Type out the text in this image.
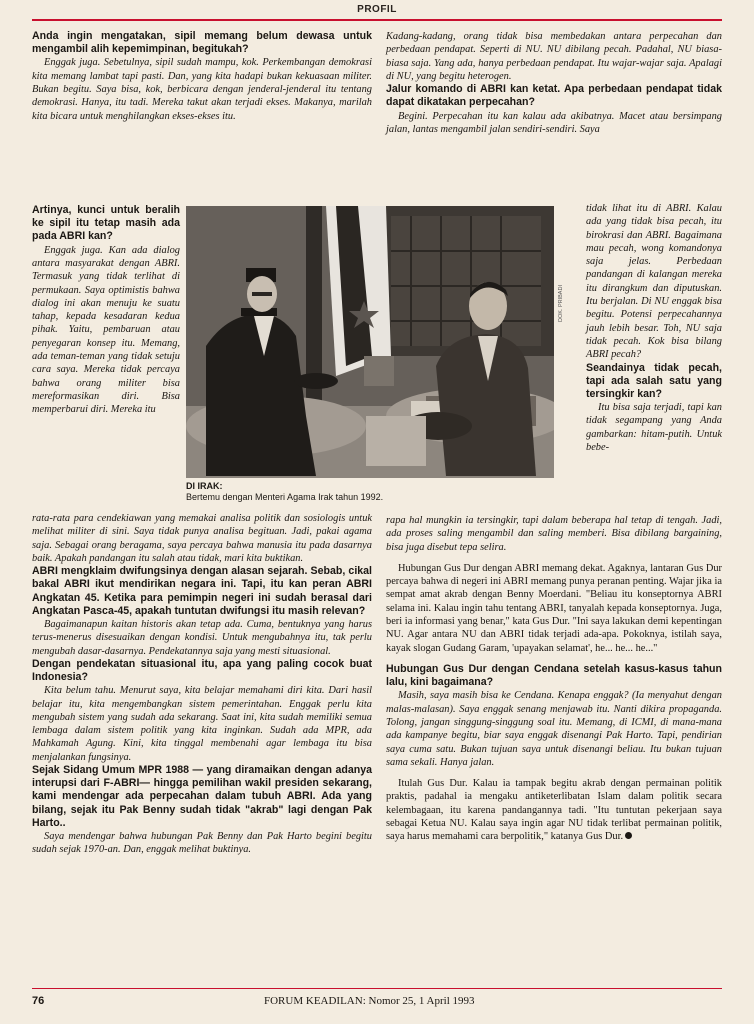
PROFIL

Anda ingin mengatakan, sipil memang belum dewasa untuk mengambil alih kepemimpinan, begitukah?

Enggak juga. Sebetulnya, sipil sudah mampu, kok. Perkembangan demokrasi kita memang lambat tapi pasti. Dan, yang kita hadapi bukan kekuasaan militer. Bukan begitu. Saya bisa, kok, berbicara dengan jenderal-jenderal itu tentang demokrasi. Hanya, itu tadi. Mereka takut akan terjadi ekses. Makanya, marilah kita bicara untuk menghilangkan ekses-ekses itu.

Artinya, kunci untuk beralih ke sipil itu tetap masih ada pada ABRI kan?

Enggak juga. Kan ada dialog antara masyarakat dengan ABRI. Termasuk yang tidak terlihat di permukaan. Saya optimistis bahwa dialog ini akan menuju ke suatu tahap, kepada kesadaran kedua pihak. Yaitu, pembaruan atau penyegaran konsep itu. Memang, ada teman-teman yang tidak setuju cara saya. Mereka tidak percaya bahwa orang militer bisa mereformasikan diri. Bisa memperbarui diri. Mereka itu

rata-rata para cendekiawan yang memakai analisa politik dan sosiologis untuk melihat militer di sini. Saya tidak punya analisa begituan. Jadi, pakai agama saja. Sebagai orang beragama, saya percaya bahwa manusia itu pada dasarnya baik. Apakah pandangan itu salah atau tidak, mari kita buktikan.

ABRI mengklaim dwifungsinya dengan alasan sejarah. Sebab, cikal bakal ABRI ikut mendirikan negara ini. Tapi, itu kan peran ABRI Angkatan 45. Ketika para pemimpin negeri ini sudah berasal dari Angkatan Pasca-45, apakah tuntutan dwifungsi itu masih relevan?

Bagaimanapun kaitan historis akan tetap ada. Cuma, bentuknya yang harus terus-menerus disesuaikan dengan kondisi. Untuk mengubahnya itu, tak perlu mengubah dasar-dasarnya. Pendekatannya saja yang mesti situasional.

Dengan pendekatan situasional itu, apa yang paling cocok buat Indonesia?

Kita belum tahu. Menurut saya, kita belajar memahami diri kita. Dari hasil belajar itu, kita mengembangkan sistem pemerintahan. Enggak perlu kita mengubah sistem yang sudah ada sekarang. Saat ini, kita sudah memiliki semua lembaga dalam sistem politik yang kita inginkan. Sudah ada MPR, ada Mahkamah Agung. Kini, kita tinggal membenahi agar lembaga itu bisa menjalankan fungsinya.

Sejak Sidang Umum MPR 1988 — yang diramaikan dengan adanya interupsi dari F-ABRI— hingga pemilihan wakil presiden sekarang, kami mendengar ada perpecahan dalam tubuh ABRI. Ada yang bilang, sejak itu Pak Benny sudah tidak "akrab" lagi dengan Pak Harto..

Saya mendengar bahwa hubungan Pak Benny dan Pak Harto begini begitu sudah sejak 1970-an. Dan, enggak melihat buktinya.

Kadang-kadang, orang tidak bisa membedakan antara perpecahan dan perbedaan pendapat. Seperti di NU. NU dibilang pecah. Padahal, NU biasa-biasa saja. Yang ada, hanya perbedaan pendapat. Itu wajar-wajar saja. Apalagi di NU, yang begitu heterogen.

Jalur komando di ABRI kan ketat. Apa perbedaan pendapat tidak dapat dikatakan perpecahan?

Begini. Perpecahan itu kan kalau ada akibatnya. Macet atau bersimpang jalan, lantas mengambil jalan sendiri-sendiri. Saya

tidak lihat itu di ABRI. Kalau ada yang tidak bisa pecah, itu birokrasi dan ABRI. Bagaimana mau pecah, wong komandonya saja jelas. Perbedaan pandangan di kalangan mereka itu dirangkum dan diputuskan. Itu berjalan. Di NU enggak bisa begitu. Potensi perpecahannya jauh lebih besar. Toh, NU saja tidak pecah. Kok bisa bilang ABRI pecah?

Seandainya tidak pecah, tapi ada salah satu yang tersingkir kan?

Itu bisa saja terjadi, tapi kan tidak segampang yang Anda gambarkan: hitam-putih. Untuk bebe-

rapa hal mungkin ia tersingkir, tapi dalam beberapa hal tetap di tengah. Jadi, ada proses saling mengambil dan saling memberi. Bisa dibilang bargaining, bisa juga disebut tepa selira.

Hubungan Gus Dur dengan ABRI memang dekat. Agaknya, lantaran Gus Dur percaya bahwa di negeri ini ABRI memang punya peranan penting. Wajar jika ia sempat amat akrab dengan Benny Moerdani. "Beliau itu konseptornya ABRI selama ini. Kalau ingin tahu tentang ABRI, tanyalah kepada konseptornya. Juga, beri ia informasi yang benar," kata Gus Dur. "Ini saya lakukan demi kepentingan NU. Agar antara NU dan ABRI tidak terjadi ada-apa. Pokoknya, istilah saya, kayak slogan Gudang Garam, 'upayakan selamat', he... he... he..."

Hubungan Gus Dur dengan Cendana setelah kasus-kasus tahun lalu, kini bagaimana?

Masih, saya masih bisa ke Cendana. Kenapa enggak? (Ia menyahut dengan malas-malasan). Saya enggak senang menjawab itu. Nanti dikira propaganda. Tolong, jangan singgung-singgung soal itu. Memang, di ICMI, di mana-mana ada kampanye begitu, biar saya enggak disenangi Pak Harto. Tapi, pendirian saya cuma satu. Bukan tujuan saya untuk disenangi beliau. Itu bukan tujuan sama sekali. Hanya jalan.

Itulah Gus Dur. Kalau ia tampak begitu akrab dengan permainan politik praktis, padahal ia mengaku antiketerlibatan Islam dalam politik secara kelembagaan, itu karena pandangannya tadi. "Itu tuntutan pekerjaan saya sebagai Ketua NU. Kalau saya ingin agar NU tidak terlibat permainan politik, saya harus memahami cara berpolitik," katanya Gus Dur.

DOK. PRIBADI
DI IRAK:
Bertemu dengan Menteri Agama Irak tahun 1992.
76	FORUM KEADILAN: Nomor 25, 1 April 1993
